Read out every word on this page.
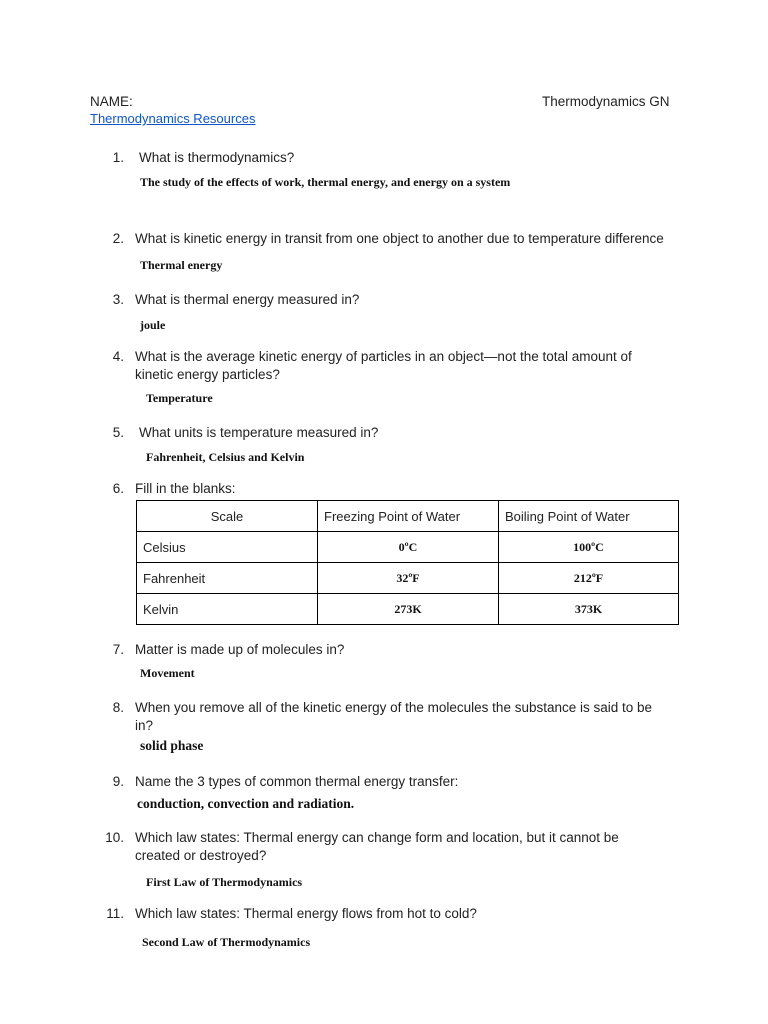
NAME:	Thermodynamics GN
Thermodynamics Resources
1. What is thermodynamics?
The study of the effects of work, thermal energy, and energy on a system
2. What is kinetic energy in transit from one object to another due to temperature difference
Thermal energy
3. What is thermal energy measured in?
joule
4. What is the average kinetic energy of particles in an object—not the total amount of
kinetic energy particles?
Temperature
5. What units is temperature measured in?
Fahrenheit, Celsius and Kelvin
6. Fill in the blanks:
Scale	Freezing Point of Water	Boiling Point of Water
Celsius	0ºC	100ºC
Fahrenheit	32ºF	212ºF
Kelvin	273K	373K
7. Matter is made up of molecules in?
Movement
8. When you remove all of the kinetic energy of the molecules the substance is said to be
in?
solid phase
9. Name the 3 types of common thermal energy transfer:
conduction, convection and radiation.
10. Which law states: Thermal energy can change form and location, but it cannot be
created or destroyed?
First Law of Thermodynamics
11. Which law states: Thermal energy flows from hot to cold?
Second Law of Thermodynamics
